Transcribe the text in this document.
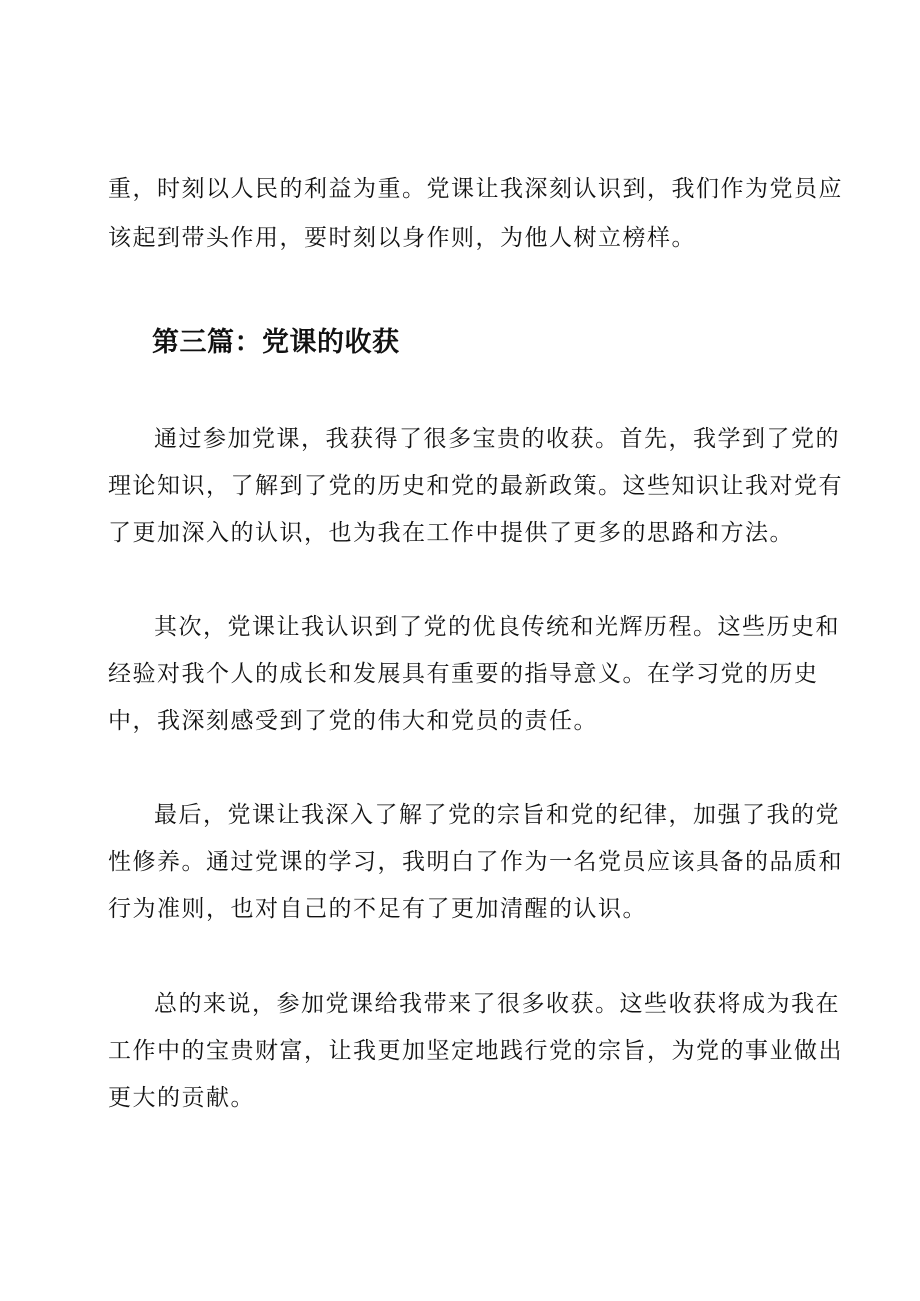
重，时刻以人民的利益为重。党课让我深刻认识到，我们作为党员应
该起到带头作用，要时刻以身作则，为他人树立榜样。
第三篇：党课的收获
通过参加党课，我获得了很多宝贵的收获。首先，我学到了党的
理论知识，了解到了党的历史和党的最新政策。这些知识让我对党有
了更加深入的认识，也为我在工作中提供了更多的思路和方法。
其次，党课让我认识到了党的优良传统和光辉历程。这些历史和
经验对我个人的成长和发展具有重要的指导意义。在学习党的历史
中，我深刻感受到了党的伟大和党员的责任。
最后，党课让我深入了解了党的宗旨和党的纪律，加强了我的党
性修养。通过党课的学习，我明白了作为一名党员应该具备的品质和
行为准则，也对自己的不足有了更加清醒的认识。
总的来说，参加党课给我带来了很多收获。这些收获将成为我在
工作中的宝贵财富，让我更加坚定地践行党的宗旨，为党的事业做出
更大的贡献。
